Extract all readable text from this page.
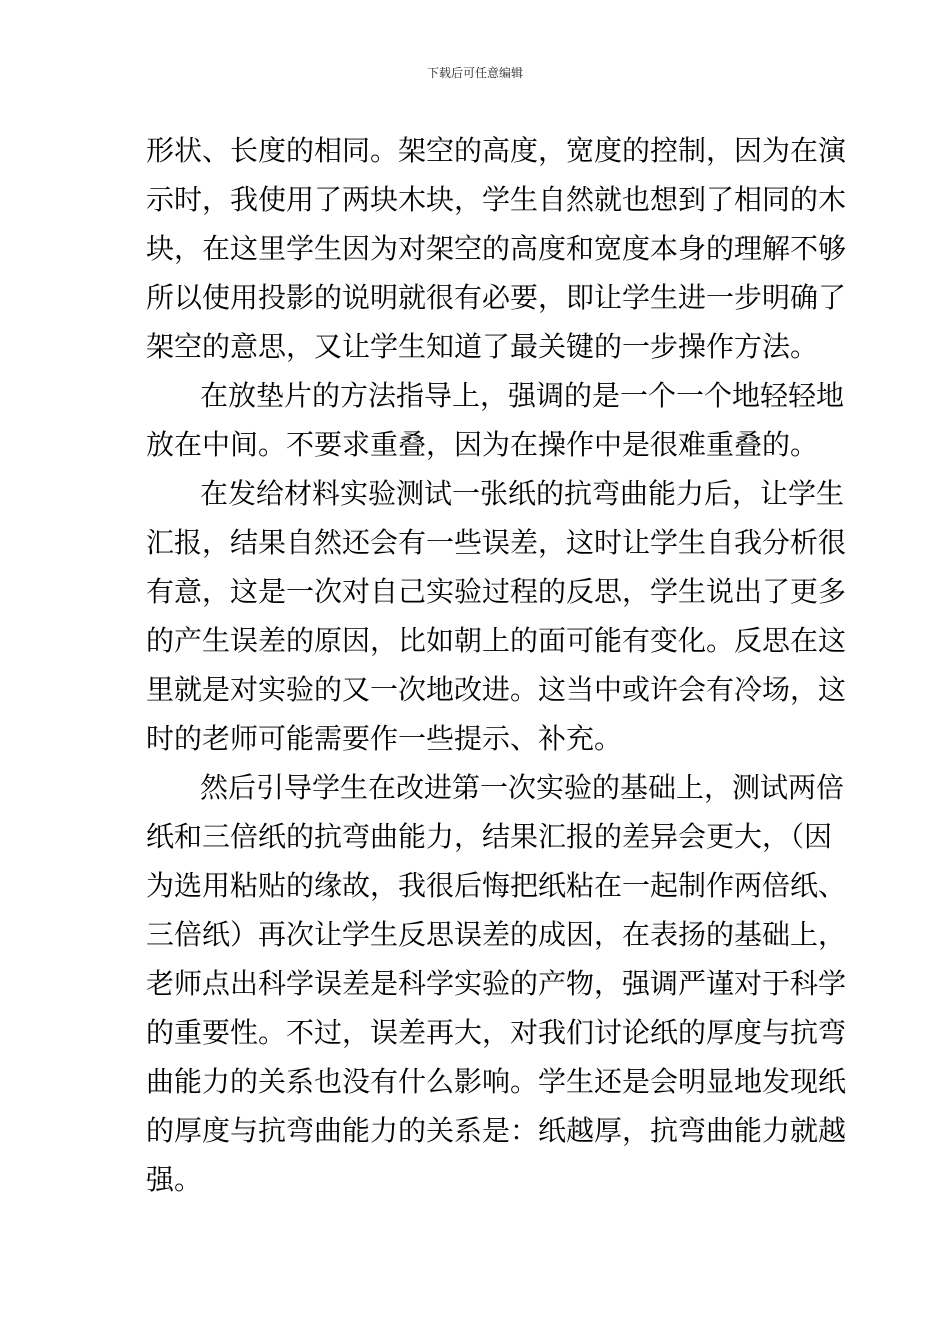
下载后可任意编辑
形状、长度的相同。架空的高度，宽度的控制，因为在演
示时，我使用了两块木块，学生自然就也想到了相同的木
块，在这里学生因为对架空的高度和宽度本身的理解不够
所以使用投影的说明就很有必要，即让学生进一步明确了
架空的意思，又让学生知道了最关键的一步操作方法。
在放垫片的方法指导上，强调的是一个一个地轻轻地
放在中间。不要求重叠，因为在操作中是很难重叠的。
在发给材料实验测试一张纸的抗弯曲能力后，让学生
汇报，结果自然还会有一些误差，这时让学生自我分析很
有意，这是一次对自己实验过程的反思，学生说出了更多
的产生误差的原因，比如朝上的面可能有变化。反思在这
里就是对实验的又一次地改进。这当中或许会有冷场，这
时的老师可能需要作一些提示、补充。
然后引导学生在改进第一次实验的基础上，测试两倍
纸和三倍纸的抗弯曲能力，结果汇报的差异会更大，（因
为选用粘贴的缘故，我很后悔把纸粘在一起制作两倍纸、
三倍纸）再次让学生反思误差的成因，在表扬的基础上，
老师点出科学误差是科学实验的产物，强调严谨对于科学
的重要性。不过，误差再大，对我们讨论纸的厚度与抗弯
曲能力的关系也没有什么影响。学生还是会明显地发现纸
的厚度与抗弯曲能力的关系是：纸越厚，抗弯曲能力就越
强。
